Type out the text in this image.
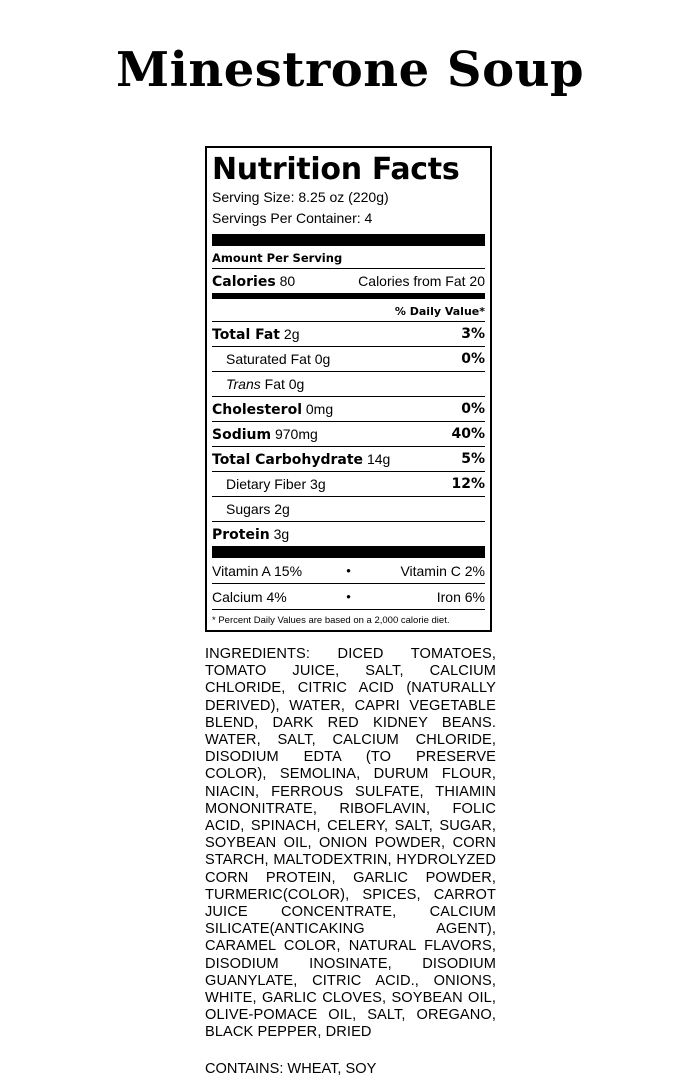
Minestrone Soup
Nutrition Facts
Serving Size: 8.25 oz (220g)
Servings Per Container: 4
Amount Per Serving
Calories 80	Calories from Fat 20
% Daily Value*
Total Fat 2g	3%
Saturated Fat 0g	0%
Trans Fat 0g
Cholesterol 0mg	0%
Sodium 970mg	40%
Total Carbohydrate 14g	5%
Dietary Fiber 3g	12%
Sugars 2g
Protein 3g
Vitamin A 15%	•	Vitamin C 2%
Calcium 4%	•	Iron 6%
* Percent Daily Values are based on a 2,000 calorie diet.
INGREDIENTS: DICED TOMATOES, TOMATO JUICE, SALT, CALCIUM CHLORIDE, CITRIC ACID (NATURALLY DERIVED), WATER, CAPRI VEGETABLE BLEND, DARK RED KIDNEY BEANS. WATER, SALT, CALCIUM CHLORIDE, DISODIUM EDTA (TO PRESERVE COLOR), SEMOLINA, DURUM FLOUR, NIACIN, FERROUS SULFATE, THIAMIN MONONITRATE, RIBOFLAVIN, FOLIC ACID, SPINACH, CELERY, SALT, SUGAR, SOYBEAN OIL, ONION POWDER, CORN STARCH, MALTODEXTRIN, HYDROLYZED CORN PROTEIN, GARLIC POWDER, TURMERIC(COLOR), SPICES, CARROT JUICE CONCENTRATE, CALCIUM SILICATE(ANTICAKING AGENT), CARAMEL COLOR, NATURAL FLAVORS, DISODIUM INOSINATE, DISODIUM GUANYLATE, CITRIC ACID., ONIONS, WHITE, GARLIC CLOVES, SOYBEAN OIL, OLIVE-POMACE OIL, SALT, OREGANO, BLACK PEPPER, DRIED
CONTAINS: WHEAT, SOY
